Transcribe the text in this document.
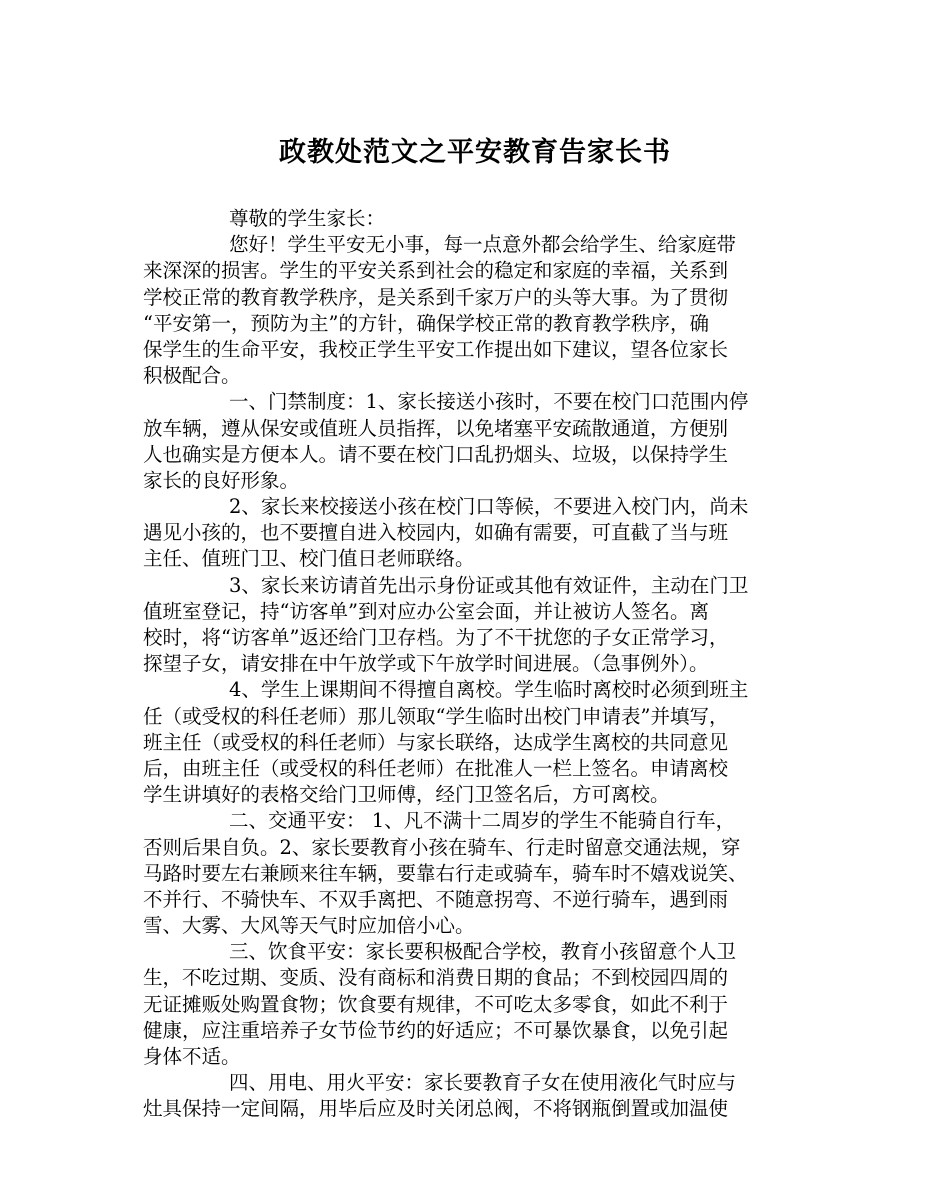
政教处范文之平安教育告家长书
尊敬的学生家长：
您好！学生平安无小事，每一点意外都会给学生、给家庭带
来深深的损害。学生的平安关系到社会的稳定和家庭的幸福，关系到
学校正常的教育教学秩序，是关系到千家万户的头等大事。为了贯彻
“平安第一，预防为主”的方针，确保学校正常的教育教学秩序，确
保学生的生命平安，我校正学生平安工作提出如下建议，望各位家长
积极配合。
一、门禁制度：1、家长接送小孩时，不要在校门口范围内停
放车辆，遵从保安或值班人员指挥，以免堵塞平安疏散通道，方便别
人也确实是方便本人。请不要在校门口乱扔烟头、垃圾，以保持学生
家长的良好形象。
2、家长来校接送小孩在校门口等候，不要进入校门内，尚未
遇见小孩的，也不要擅自进入校园内，如确有需要，可直截了当与班
主任、值班门卫、校门值日老师联络。
3、家长来访请首先出示身份证或其他有效证件，主动在门卫
值班室登记，持“访客单”到对应办公室会面，并让被访人签名。离
校时，将“访客单”返还给门卫存档。为了不干扰您的子女正常学习，
探望子女，请安排在中午放学或下午放学时间进展。（急事例外）。
4、学生上课期间不得擅自离校。学生临时离校时必须到班主
任（或受权的科任老师）那儿领取“学生临时出校门申请表”并填写，
班主任（或受权的科任老师）与家长联络，达成学生离校的共同意见
后，由班主任（或受权的科任老师）在批准人一栏上签名。申请离校
学生讲填好的表格交给门卫师傅，经门卫签名后，方可离校。
二、交通平安： 1、凡不满十二周岁的学生不能骑自行车，
否则后果自负。2、家长要教育小孩在骑车、行走时留意交通法规，穿
马路时要左右兼顾来往车辆，要靠右行走或骑车，骑车时不嬉戏说笑、
不并行、不骑快车、不双手离把、不随意拐弯、不逆行骑车，遇到雨
雪、大雾、大风等天气时应加倍小心。
三、饮食平安：家长要积极配合学校，教育小孩留意个人卫
生，不吃过期、变质、没有商标和消费日期的食品；不到校园四周的
无证摊贩处购置食物；饮食要有规律，不可吃太多零食，如此不利于
健康，应注重培养子女节俭节约的好适应；不可暴饮暴食，以免引起
身体不适。
四、用电、用火平安：家长要教育子女在使用液化气时应与
灶具保持一定间隔，用毕后应及时关闭总阀，不将钢瓶倒置或加温使
